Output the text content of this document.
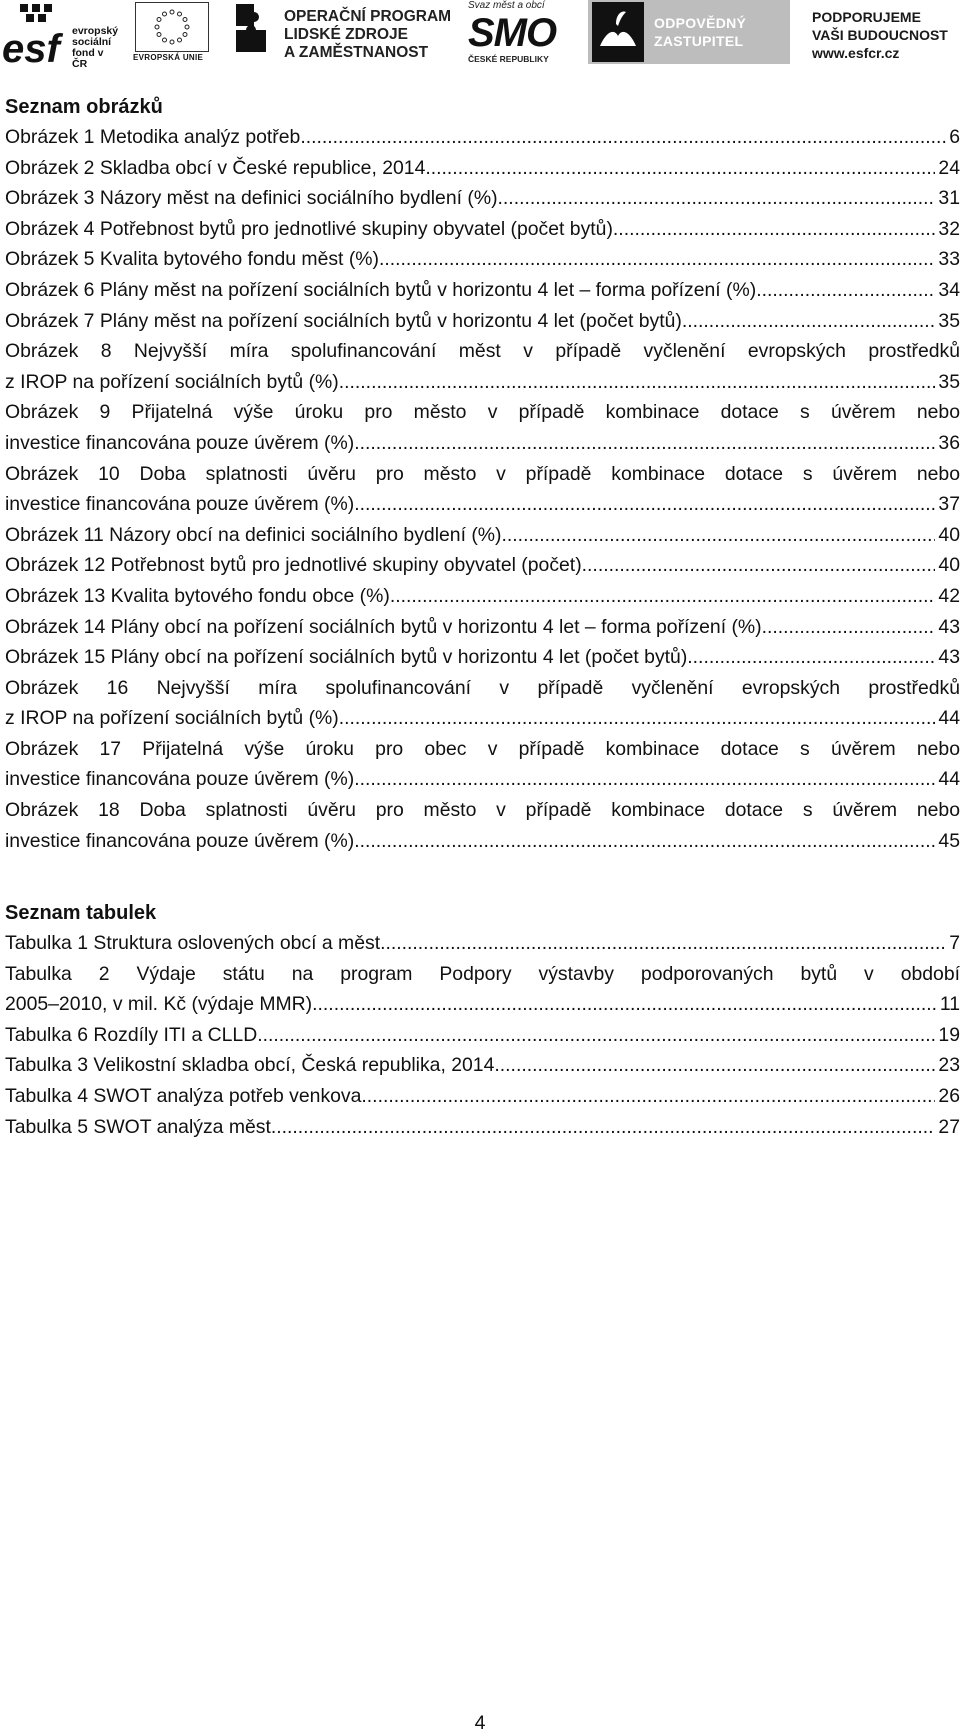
esf	evropský
sociální
fond v ČR
EVROPSKÁ UNIE
OPERAČNÍ PROGRAM
LIDSKÉ ZDROJE
A ZAMĚSTNANOST
Svaz měst a obcí
SMO
ČESKÉ REPUBLIKY
ODPOVĚDNÝ
ZASTUPITEL
PODPORUJEME
VAŠI BUDOUCNOST
www.esfcr.cz
Seznam obrázků
Obrázek 1 Metodika analýz potřeb .....	6
Obrázek 2 Skladba obcí v České republice, 2014 .....	24
Obrázek 3 Názory měst na definici sociálního bydlení (%) .....	31
Obrázek 4 Potřebnost bytů pro jednotlivé skupiny obyvatel (počet bytů) .....	32
Obrázek 5 Kvalita bytového fondu měst (%) .....	33
Obrázek 6 Plány měst na pořízení sociálních bytů v horizontu 4 let – forma pořízení (%) .....	34
Obrázek 7 Plány měst na pořízení sociálních bytů v horizontu 4 let (počet bytů) .....	35
Obrázek 8 Nejvyšší míra spolufinancování měst v případě vyčlenění evropských prostředků
z IROP na pořízení sociálních bytů (%) .....	35
Obrázek 9 Přijatelná výše úroku pro město v případě kombinace dotace s úvěrem nebo
investice financována pouze úvěrem (%) .....	36
Obrázek 10 Doba splatnosti úvěru pro město v případě kombinace dotace s úvěrem nebo
investice financována pouze úvěrem (%) .....	37
Obrázek 11 Názory obcí na definici sociálního bydlení (%) .....	40
Obrázek 12 Potřebnost bytů pro jednotlivé skupiny obyvatel (počet) .....	40
Obrázek 13 Kvalita bytového fondu obce (%) .....	42
Obrázek 14 Plány obcí na pořízení sociálních bytů v horizontu 4 let – forma pořízení (%) .....	43
Obrázek 15 Plány obcí na pořízení sociálních bytů v horizontu 4 let (počet bytů) .....	43
Obrázek 16 Nejvyšší míra spolufinancování v případě vyčlenění evropských prostředků
z IROP na pořízení sociálních bytů (%) .....	44
Obrázek 17 Přijatelná výše úroku pro obec v případě kombinace dotace s úvěrem nebo
investice financována pouze úvěrem (%) .....	44
Obrázek 18 Doba splatnosti úvěru pro město v případě kombinace dotace s úvěrem nebo
investice financována pouze úvěrem (%) .....	45
Seznam tabulek
Tabulka 1 Struktura oslovených obcí a měst .....	7
Tabulka 2 Výdaje státu na program Podpory výstavby podporovaných bytů v období
2005–2010, v mil. Kč (výdaje MMR) .....	11
Tabulka 6 Rozdíly ITI a CLLD .....	19
Tabulka 3 Velikostní skladba obcí, Česká republika, 2014 .....	23
Tabulka 4 SWOT analýza potřeb venkova .....	26
Tabulka 5 SWOT analýza měst .....	27
4
